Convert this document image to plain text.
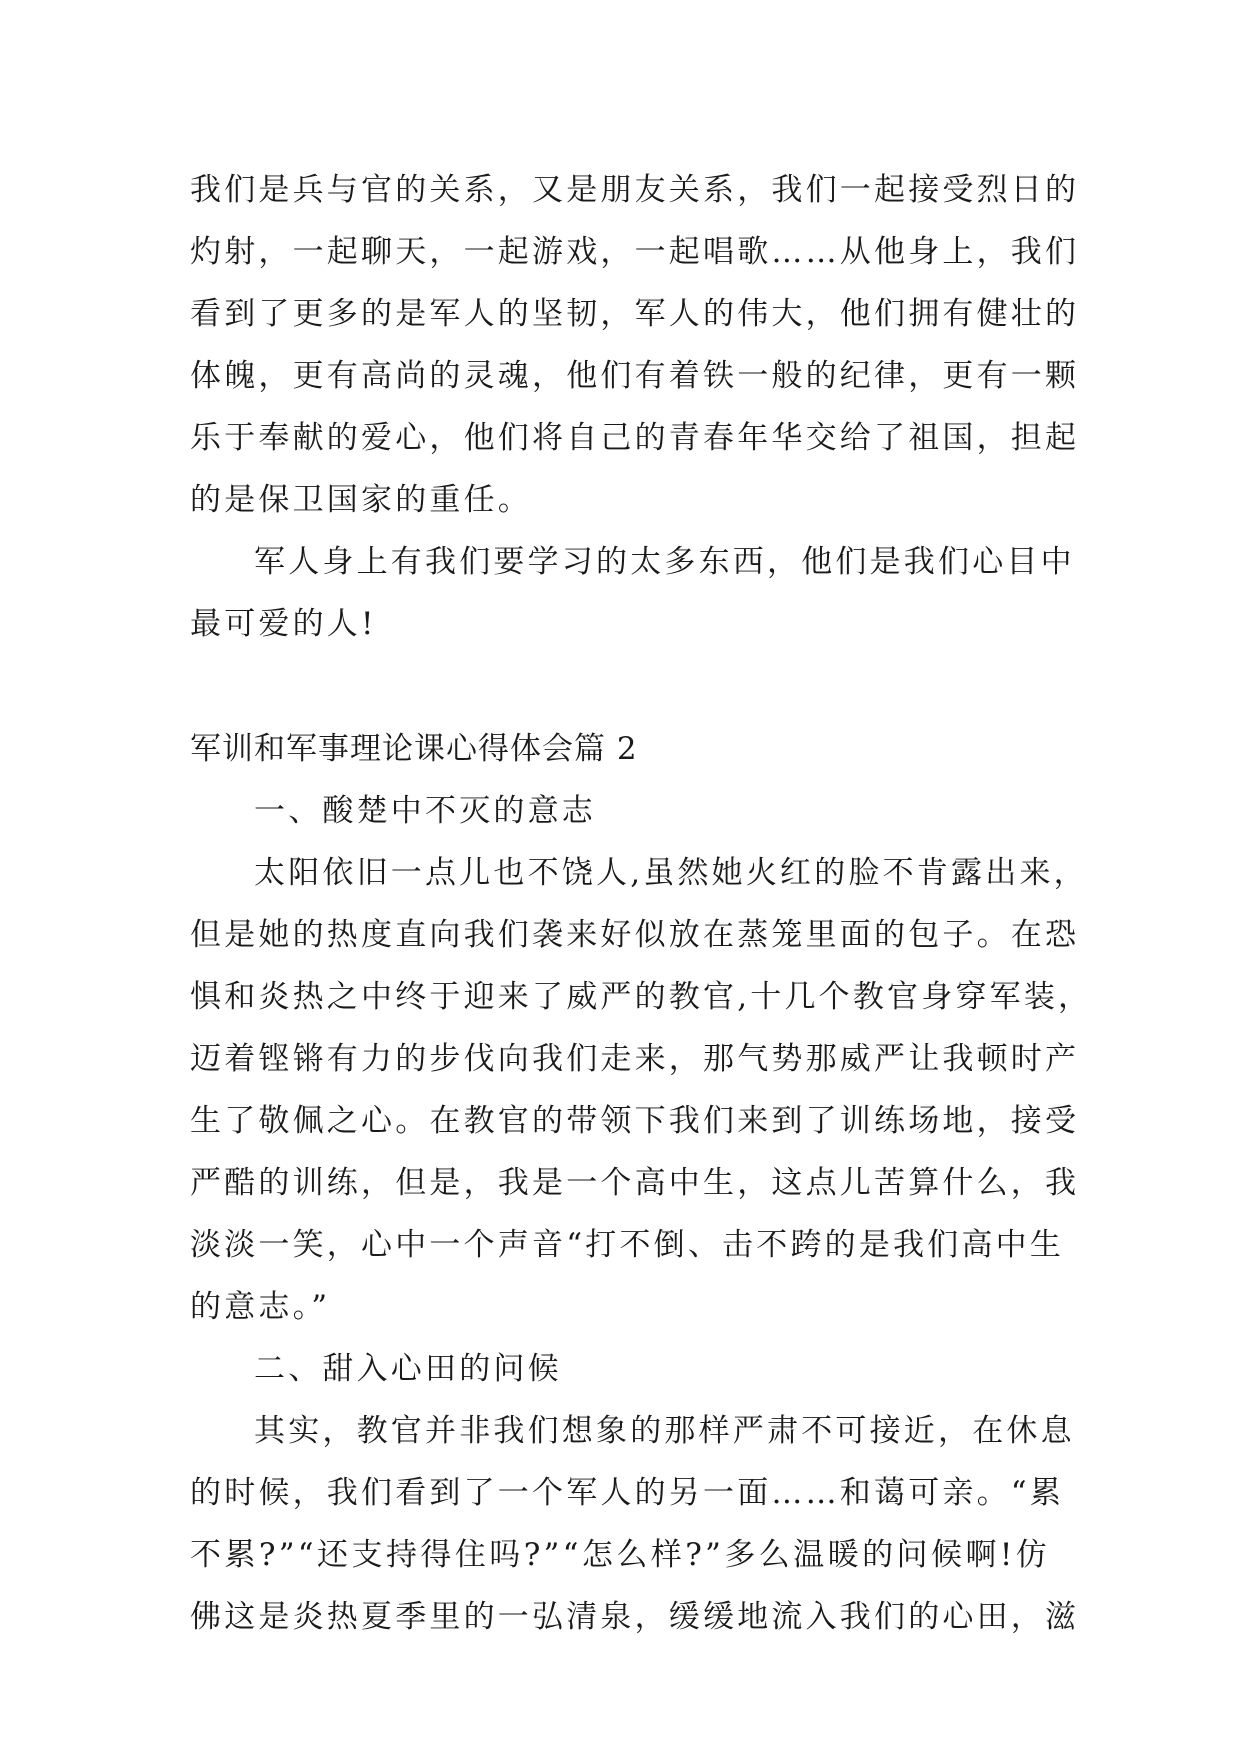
我们是兵与官的关系，又是朋友关系，我们一起接受烈日的
灼射，一起聊天，一起游戏，一起唱歌……从他身上，我们
看到了更多的是军人的坚韧，军人的伟大，他们拥有健壮的
体魄，更有高尚的灵魂，他们有着铁一般的纪律，更有一颗
乐于奉献的爱心，他们将自己的青春年华交给了祖国，担起
的是保卫国家的重任。
军人身上有我们要学习的太多东西，他们是我们心目中
最可爱的人!
军训和军事理论课心得体会篇 2
一、酸楚中不灭的意志
太阳依旧一点儿也不饶人,虽然她火红的脸不肯露出来，
但是她的热度直向我们袭来好似放在蒸笼里面的包子。在恐
惧和炎热之中终于迎来了威严的教官,十几个教官身穿军装，
迈着铿锵有力的步伐向我们走来，那气势那威严让我顿时产
生了敬佩之心。在教官的带领下我们来到了训练场地，接受
严酷的训练，但是，我是一个高中生，这点儿苦算什么，我
淡淡一笑，心中一个声音“打不倒、击不跨的是我们高中生
的意志。”
二、甜入心田的问候
其实，教官并非我们想象的那样严肃不可接近，在休息
的时候，我们看到了一个军人的另一面……和蔼可亲。“累
不累?”“还支持得住吗?”“怎么样?”多么温暖的问候啊!仿
佛这是炎热夏季里的一弘清泉，缓缓地流入我们的心田，滋
